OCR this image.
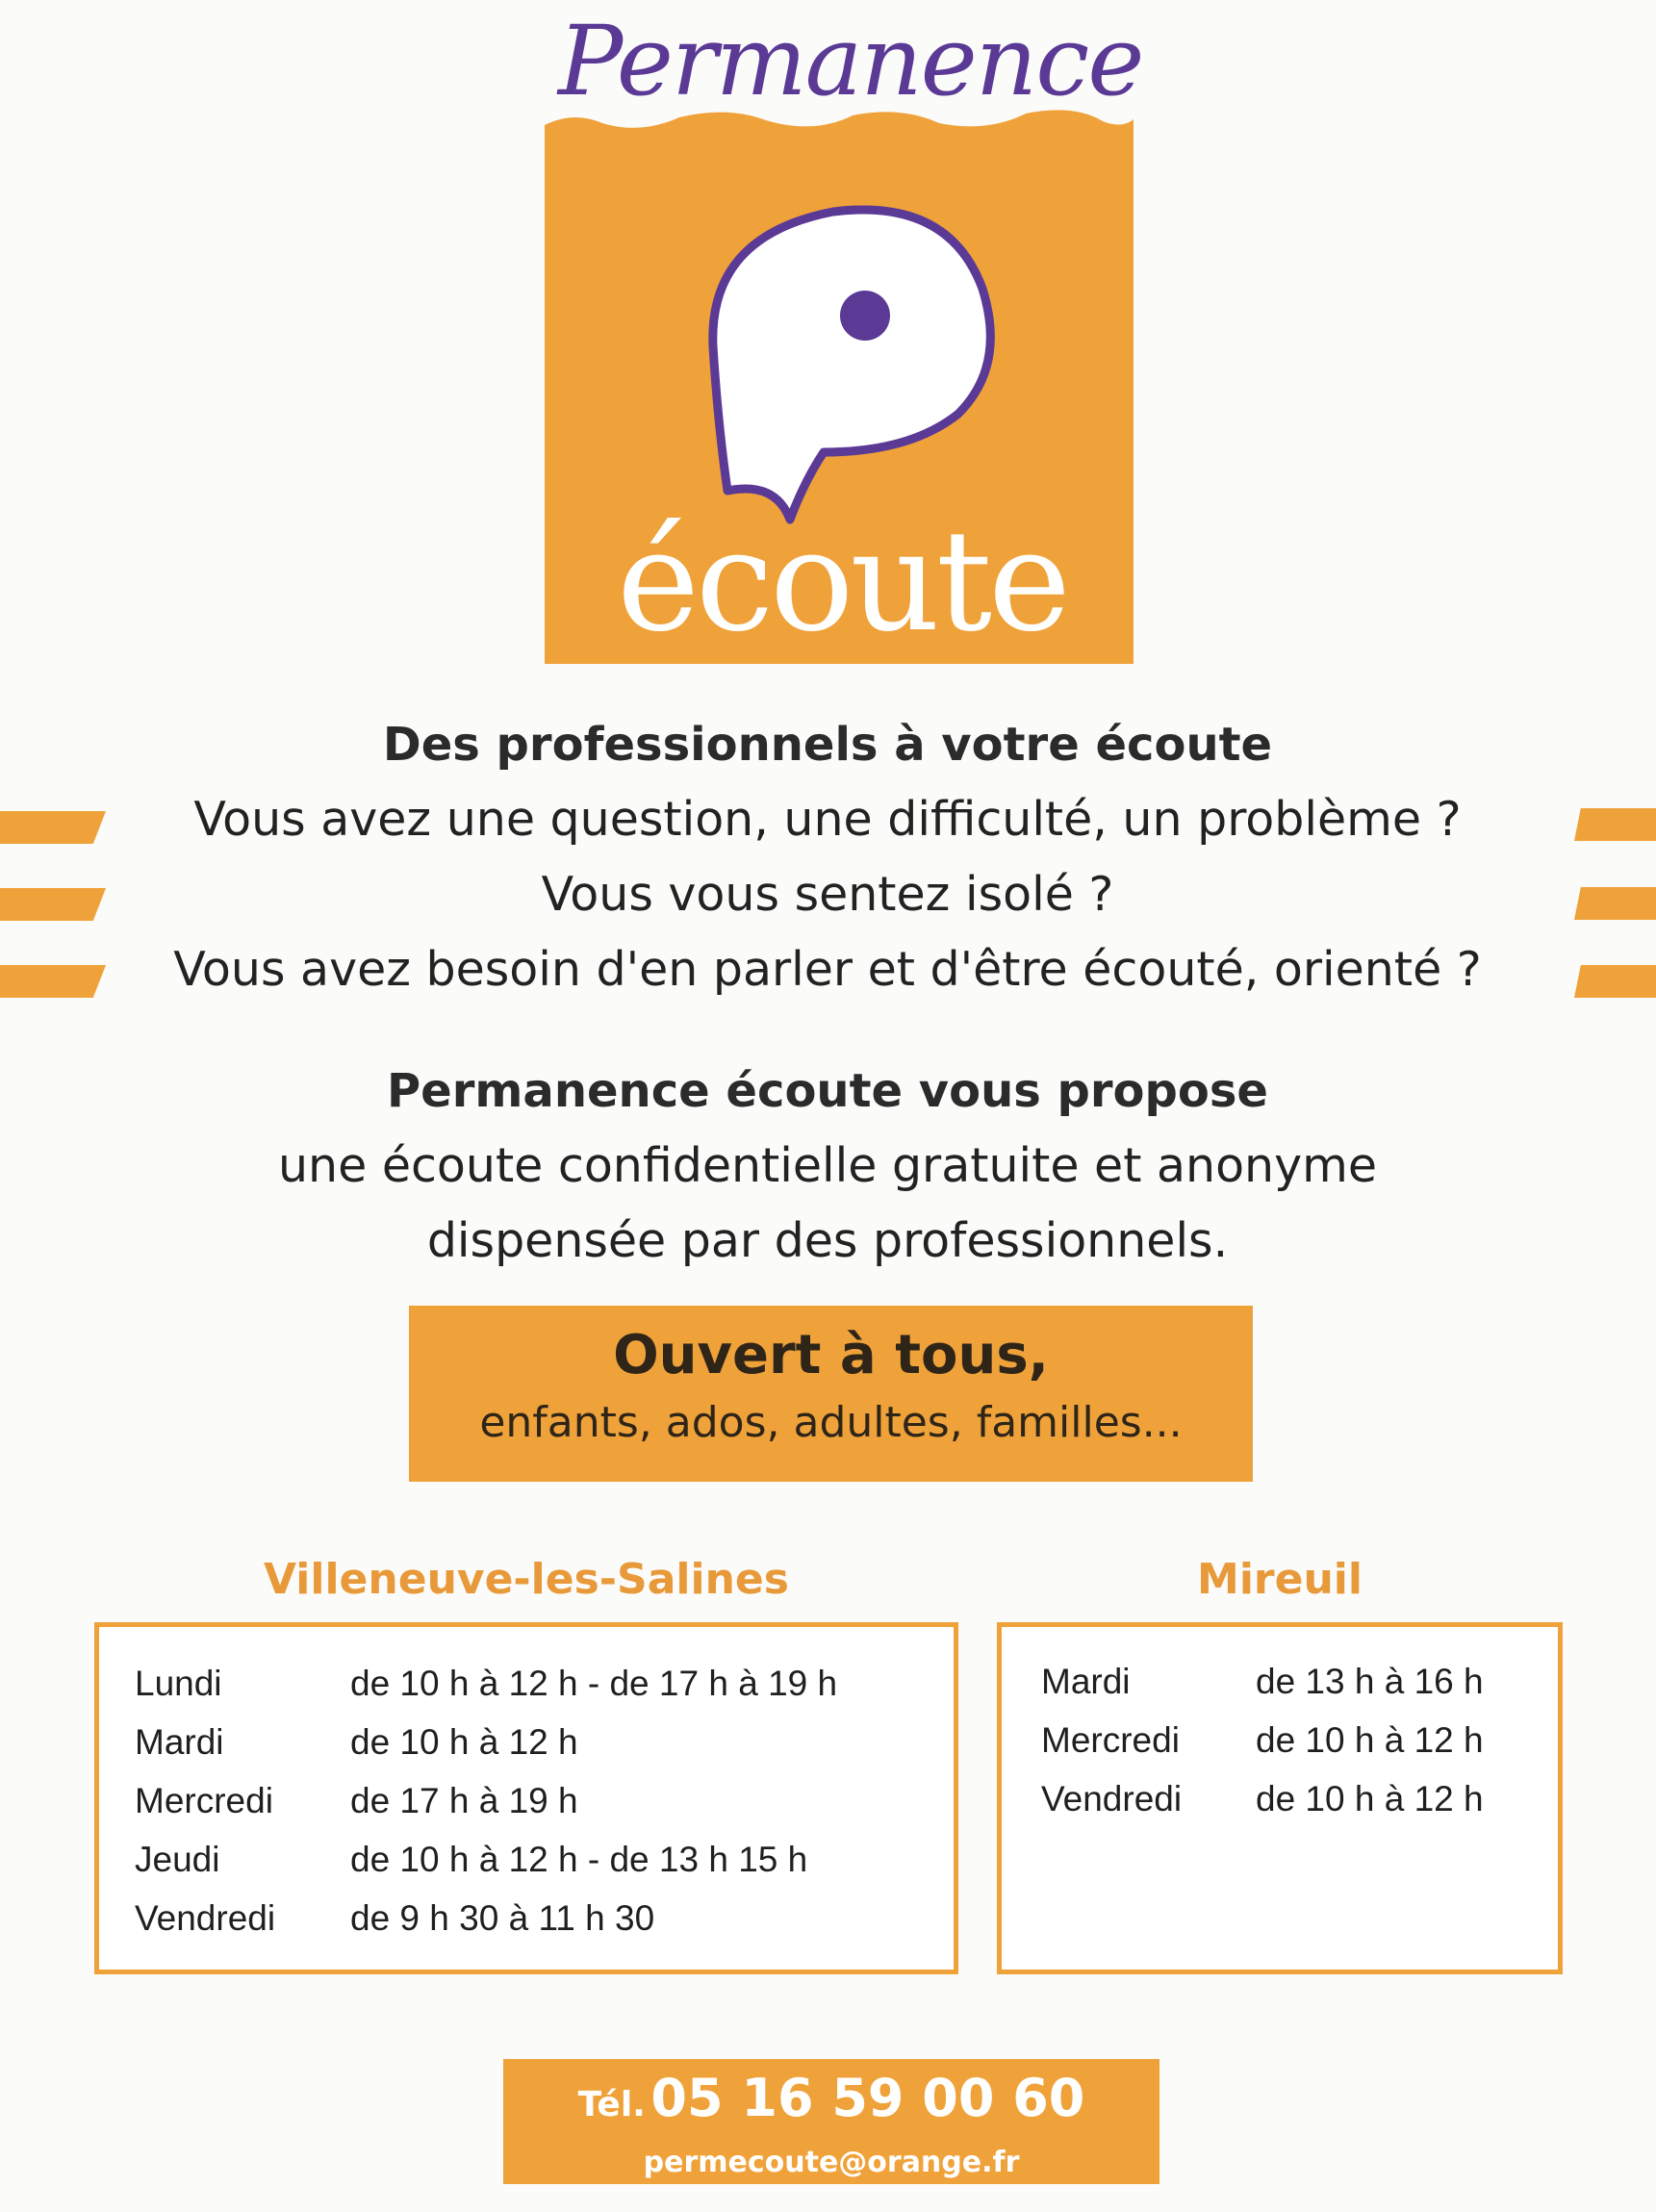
Permanence
écoute
Des professionnels à votre écoute
Vous avez une question, une difficulté, un problème ?
Vous vous sentez isolé ?
Vous avez besoin d'en parler et d'être écouté, orienté ?
Permanence écoute vous propose
une écoute confidentielle gratuite et anonyme
dispensée par des professionnels.
Ouvert à tous,
enfants, ados, adultes, familles...
Villeneuve-les-Salines
Lundi	de 10 h à 12 h - de 17 h à 19 h
Mardi	de 10 h à 12 h
Mercredi de 17 h à 19 h
Jeudi	de 10 h à 12 h - de 13 h 15 h
Vendredi de 9 h 30 à 11 h 30
Mireuil
Mardi	de 13 h à 16 h
Mercredi de 10 h à 12 h
Vendredi de 10 h à 12 h
Tél. 05 16 59 00 60
permecoute@orange.fr
